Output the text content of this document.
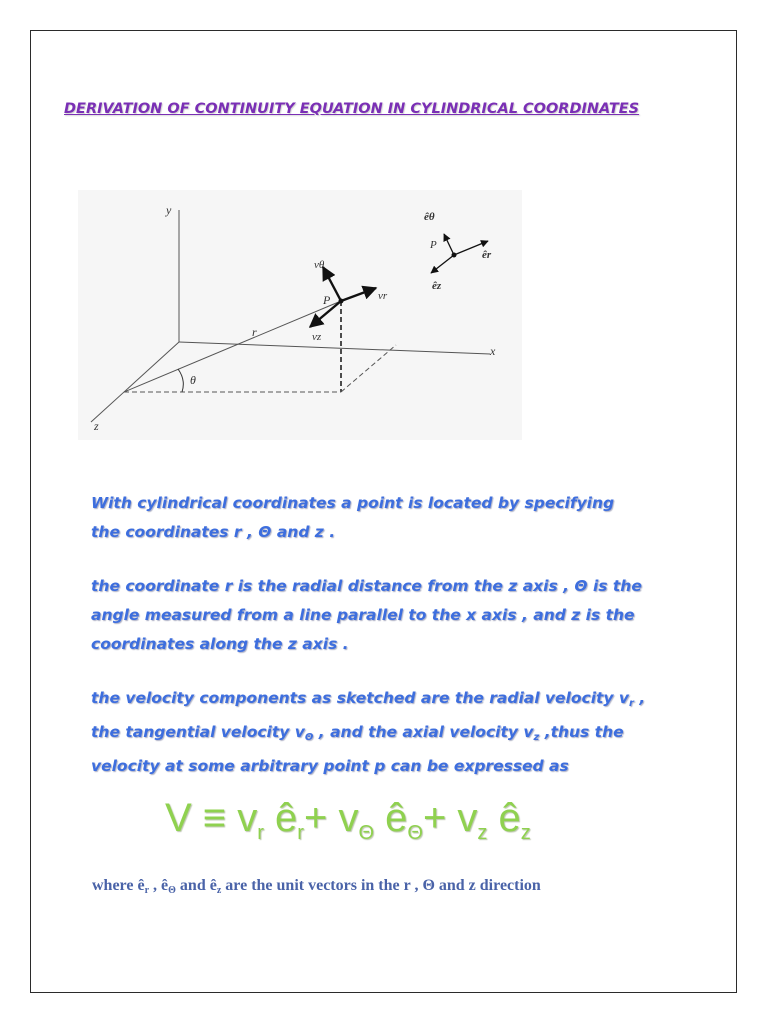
DERIVATION OF CONTINUITY EQUATION IN CYLINDRICAL COORDINATES
y
x
z
r
θ
P
vθ
vr
vz
P
êθ
êr
êz
With cylindrical coordinates a point is located by specifying
the coordinates r , Θ and z .
the coordinate r is the radial distance from the z axis , Θ is the
angle measured from a line parallel to the x axis , and z is the
coordinates along the z axis .
the velocity components as sketched are the radial velocity $v_r$ ,
the tangential velocity $v_\Theta$ , and the axial velocity $v_z$ ,thus the
velocity at some arbitrary point p can be expressed as
$V \equiv v_r$ $ê_r+ v_\Theta$ $ê_\Theta+ v_z$ $ê_z$
where $ê_r$ , $ê_\Theta$ and $ê_z$ are the unit vectors in the r , Θ and z direction
